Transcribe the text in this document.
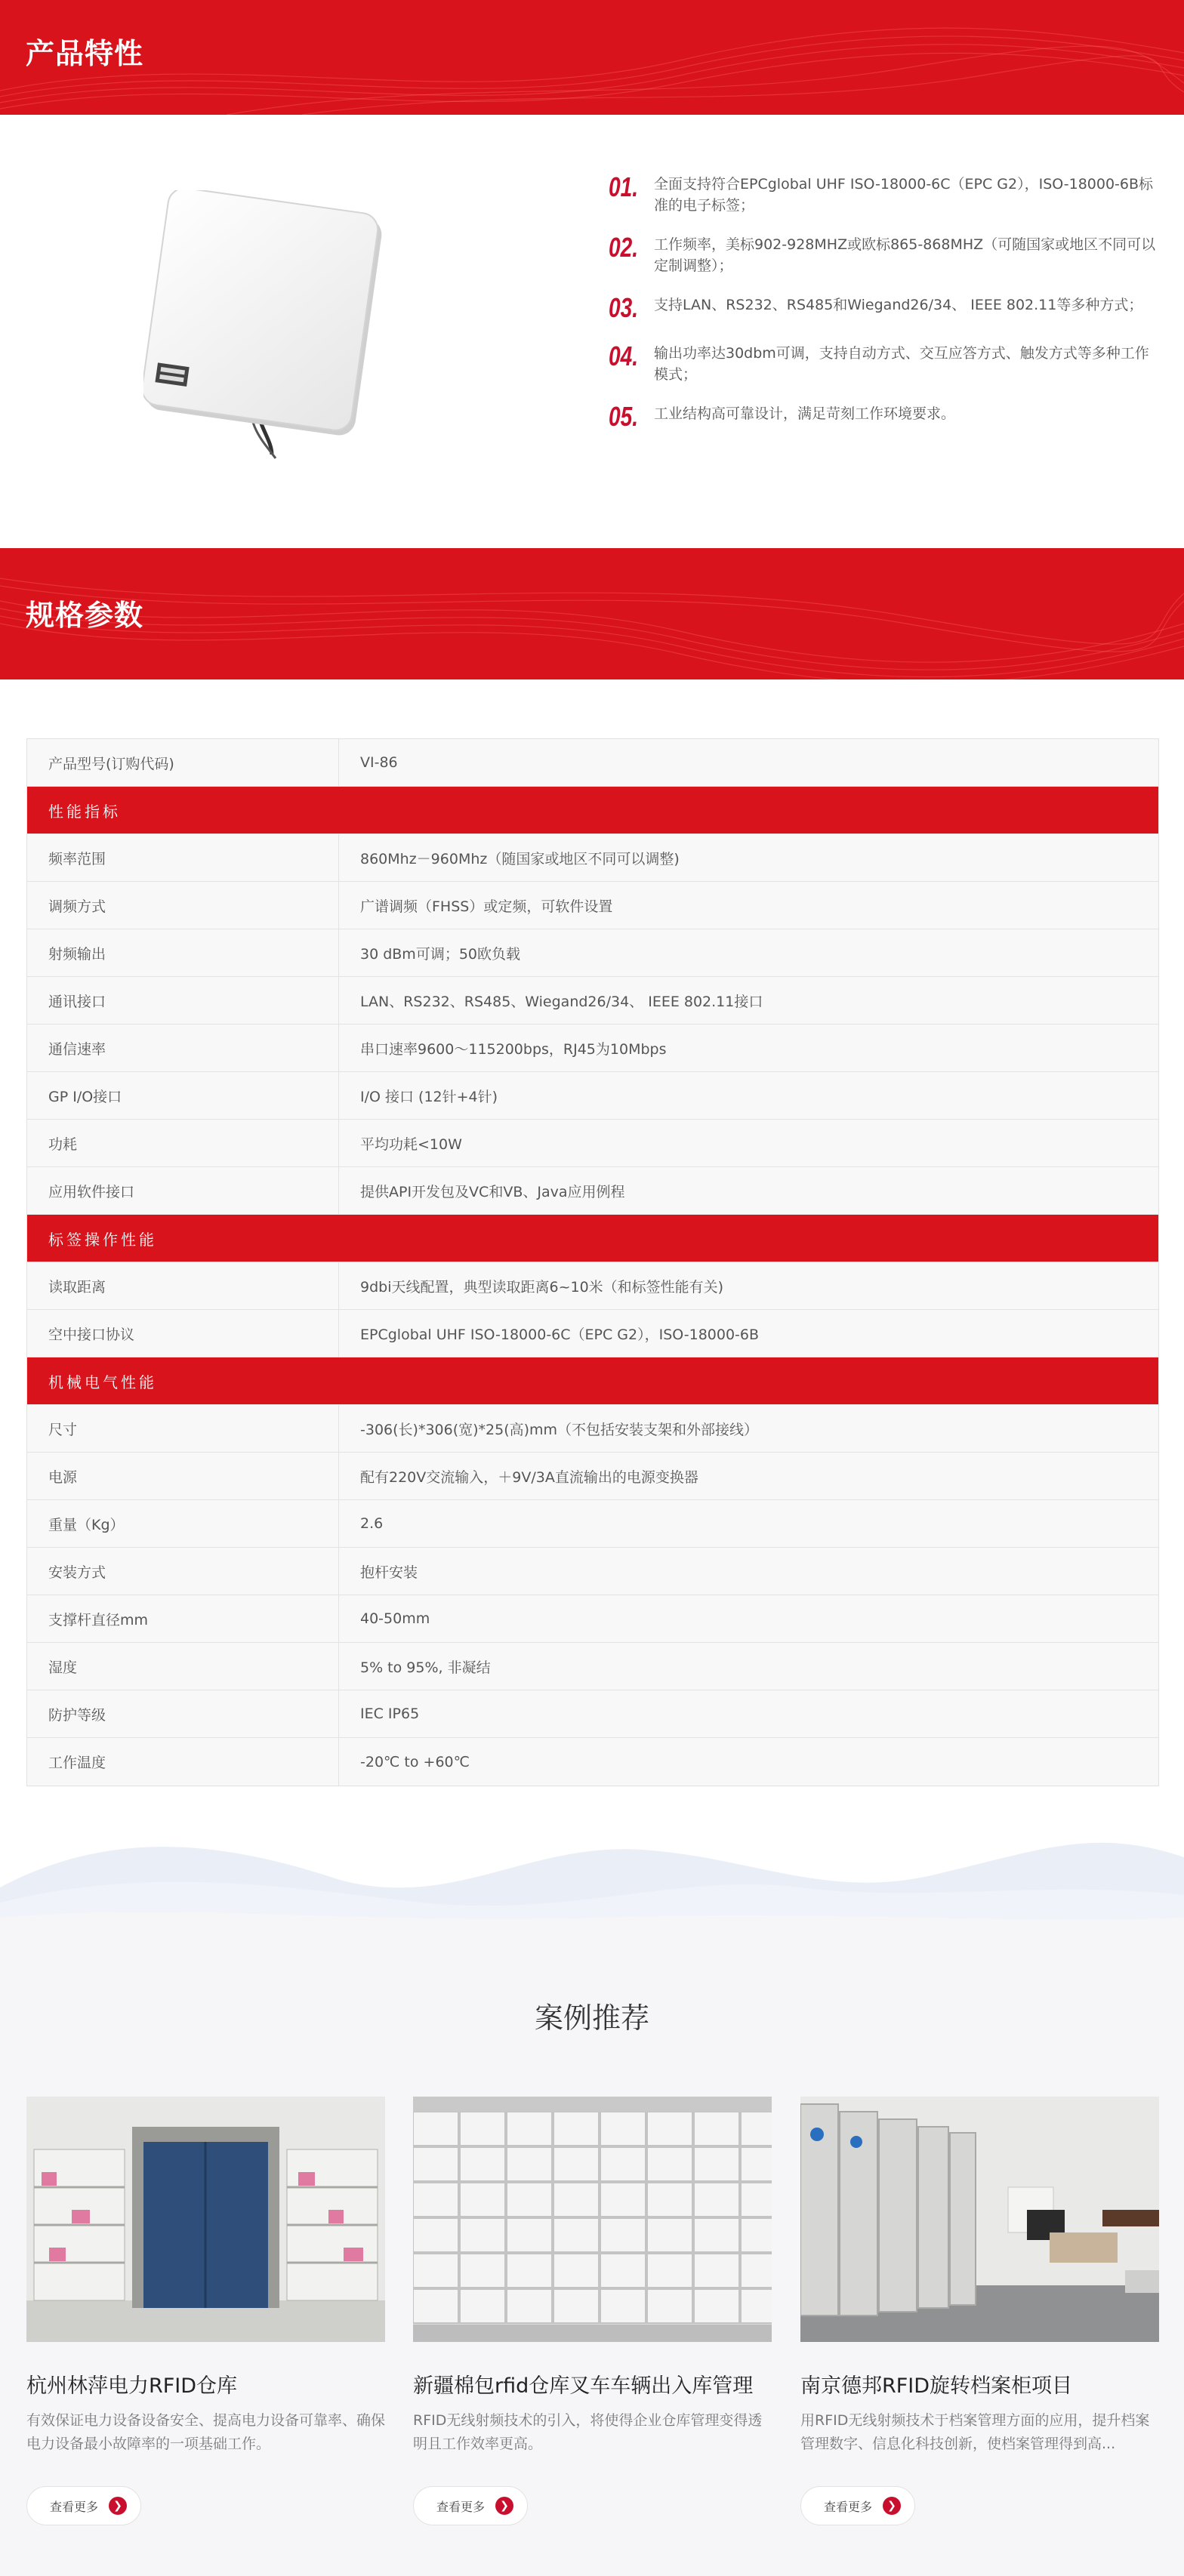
产品特性
01.	全面支持符合EPCglobal UHF ISO-18000-6C（EPC G2），ISO-18000-6B标准的电子标签；
02.	工作频率，美标902-928MHZ或欧标865-868MHZ（可随国家或地区不同可以定制调整）；
03.	支持LAN、RS232、RS485和Wiegand26/34、 IEEE 802.11等多种方式；
04.	输出功率达30dbm可调，支持自动方式、交互应答方式、触发方式等多种工作模式；
05.	工业结构高可靠设计，满足苛刻工作环境要求。
规格参数
产品型号(订购代码)	VI-86
性能指标
频率范围	860Mhz－960Mhz（随国家或地区不同可以调整)
调频方式	广谱调频（FHSS）或定频，可软件设置
射频输出	30 dBm可调；50欧负载
通讯接口	LAN、RS232、RS485、Wiegand26/34、 IEEE 802.11接口
通信速率	串口速率9600～115200bps，RJ45为10Mbps
GP I/O接口	I/O 接口 (12针+4针)
功耗	平均功耗<10W
应用软件接口	提供API开发包及VC和VB、Java应用例程
标签操作性能
读取距离	9dbi天线配置，典型读取距离6~10米（和标签性能有关)
空中接口协议	EPCglobal UHF ISO-18000-6C（EPC G2），ISO-18000-6B
机械电气性能
尺寸	-306(长)*306(宽)*25(高)mm（不包括安装支架和外部接线）
电源	配有220V交流输入，＋9V/3A直流输出的电源变换器
重量（Kg）	2.6
安装方式	抱杆安装
支撑杆直径mm	40-50mm
湿度	5% to 95%, 非凝结
防护等级	IEC IP65
工作温度	-20℃ to +60℃
案例推荐
杭州林萍电力RFID仓库
有效保证电力设备设备安全、提高电力设备可靠率、确保电力设备最小故障率的一项基础工作。
查看更多	❯
新疆棉包rfid仓库叉车车辆出入库管理
RFID无线射频技术的引入，将使得企业仓库管理变得透明且工作效率更高。
查看更多	❯
南京德邦RFID旋转档案柜项目
用RFID无线射频技术于档案管理方面的应用，提升档案管理数字、信息化科技创新，使档案管理得到高...
查看更多	❯
